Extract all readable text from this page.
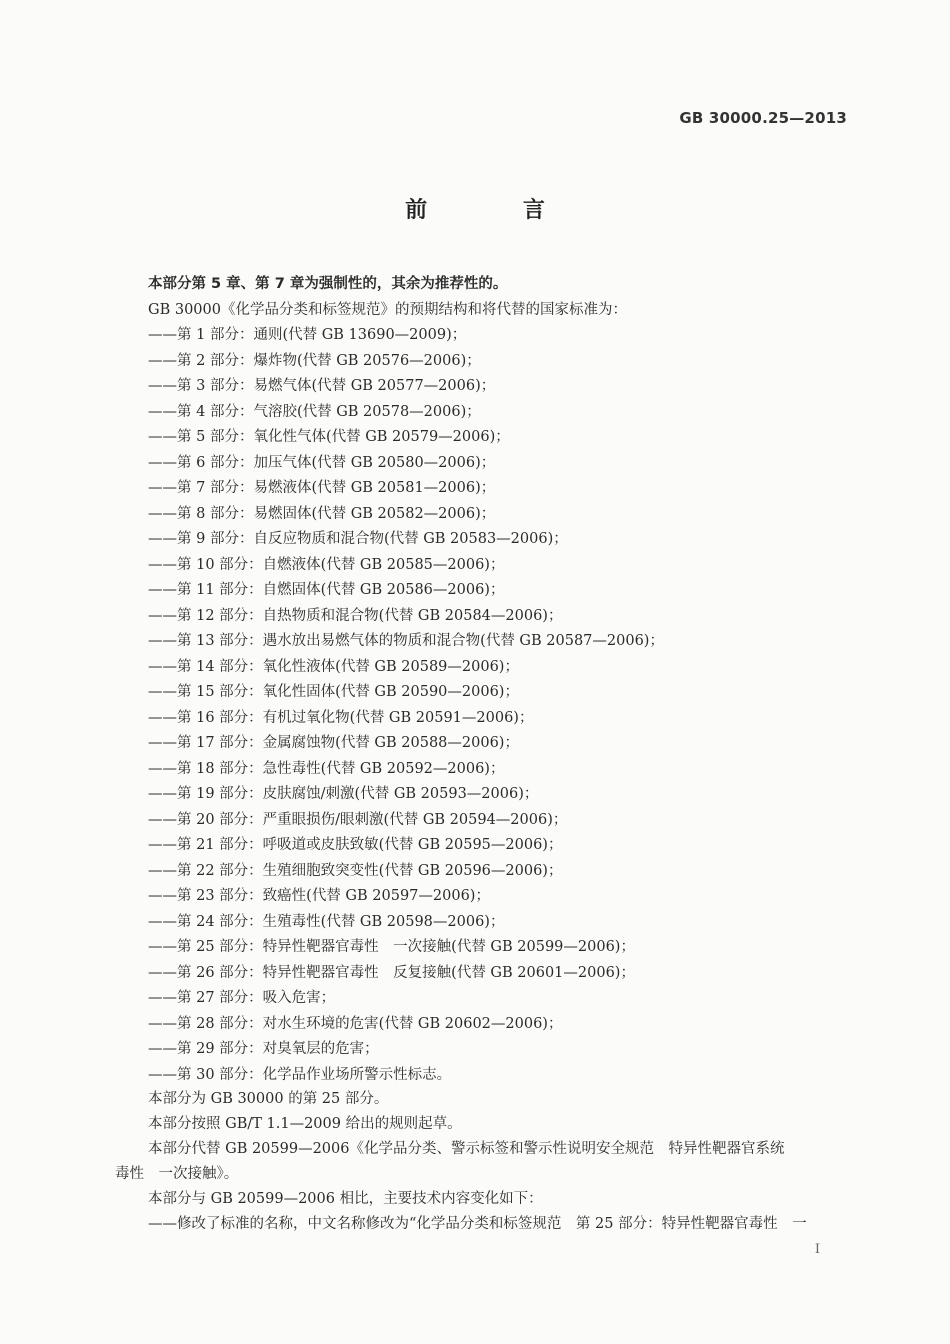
GB 30000.25—2013
前 言
本部分第 5 章、第 7 章为强制性的，其余为推荐性的。
GB 30000《化学品分类和标签规范》的预期结构和将代替的国家标准为：
——第 1 部分：通则(代替 GB 13690—2009)；
——第 2 部分：爆炸物(代替 GB 20576—2006)；
——第 3 部分：易燃气体(代替 GB 20577—2006)；
——第 4 部分：气溶胶(代替 GB 20578—2006)；
——第 5 部分：氧化性气体(代替 GB 20579—2006)；
——第 6 部分：加压气体(代替 GB 20580—2006)；
——第 7 部分：易燃液体(代替 GB 20581—2006)；
——第 8 部分：易燃固体(代替 GB 20582—2006)；
——第 9 部分：自反应物质和混合物(代替 GB 20583—2006)；
——第 10 部分：自燃液体(代替 GB 20585—2006)；
——第 11 部分：自燃固体(代替 GB 20586—2006)；
——第 12 部分：自热物质和混合物(代替 GB 20584—2006)；
——第 13 部分：遇水放出易燃气体的物质和混合物(代替 GB 20587—2006)；
——第 14 部分：氧化性液体(代替 GB 20589—2006)；
——第 15 部分：氧化性固体(代替 GB 20590—2006)；
——第 16 部分：有机过氧化物(代替 GB 20591—2006)；
——第 17 部分：金属腐蚀物(代替 GB 20588—2006)；
——第 18 部分：急性毒性(代替 GB 20592—2006)；
——第 19 部分：皮肤腐蚀/刺激(代替 GB 20593—2006)；
——第 20 部分：严重眼损伤/眼刺激(代替 GB 20594—2006)；
——第 21 部分：呼吸道或皮肤致敏(代替 GB 20595—2006)；
——第 22 部分：生殖细胞致突变性(代替 GB 20596—2006)；
——第 23 部分：致癌性(代替 GB 20597—2006)；
——第 24 部分：生殖毒性(代替 GB 20598—2006)；
——第 25 部分：特异性靶器官毒性　一次接触(代替 GB 20599—2006)；
——第 26 部分：特异性靶器官毒性　反复接触(代替 GB 20601—2006)；
——第 27 部分：吸入危害；
——第 28 部分：对水生环境的危害(代替 GB 20602—2006)；
——第 29 部分：对臭氧层的危害；
——第 30 部分：化学品作业场所警示性标志。
本部分为 GB 30000 的第 25 部分。
本部分按照 GB/T 1.1—2009 给出的规则起草。
本部分代替 GB 20599—2006《化学品分类、警示标签和警示性说明安全规范　特异性靶器官系统
毒性　一次接触》。
本部分与 GB 20599—2006 相比，主要技术内容变化如下：
——修改了标准的名称，中文名称修改为“化学品分类和标签规范　第 25 部分：特异性靶器官毒性　一
I
